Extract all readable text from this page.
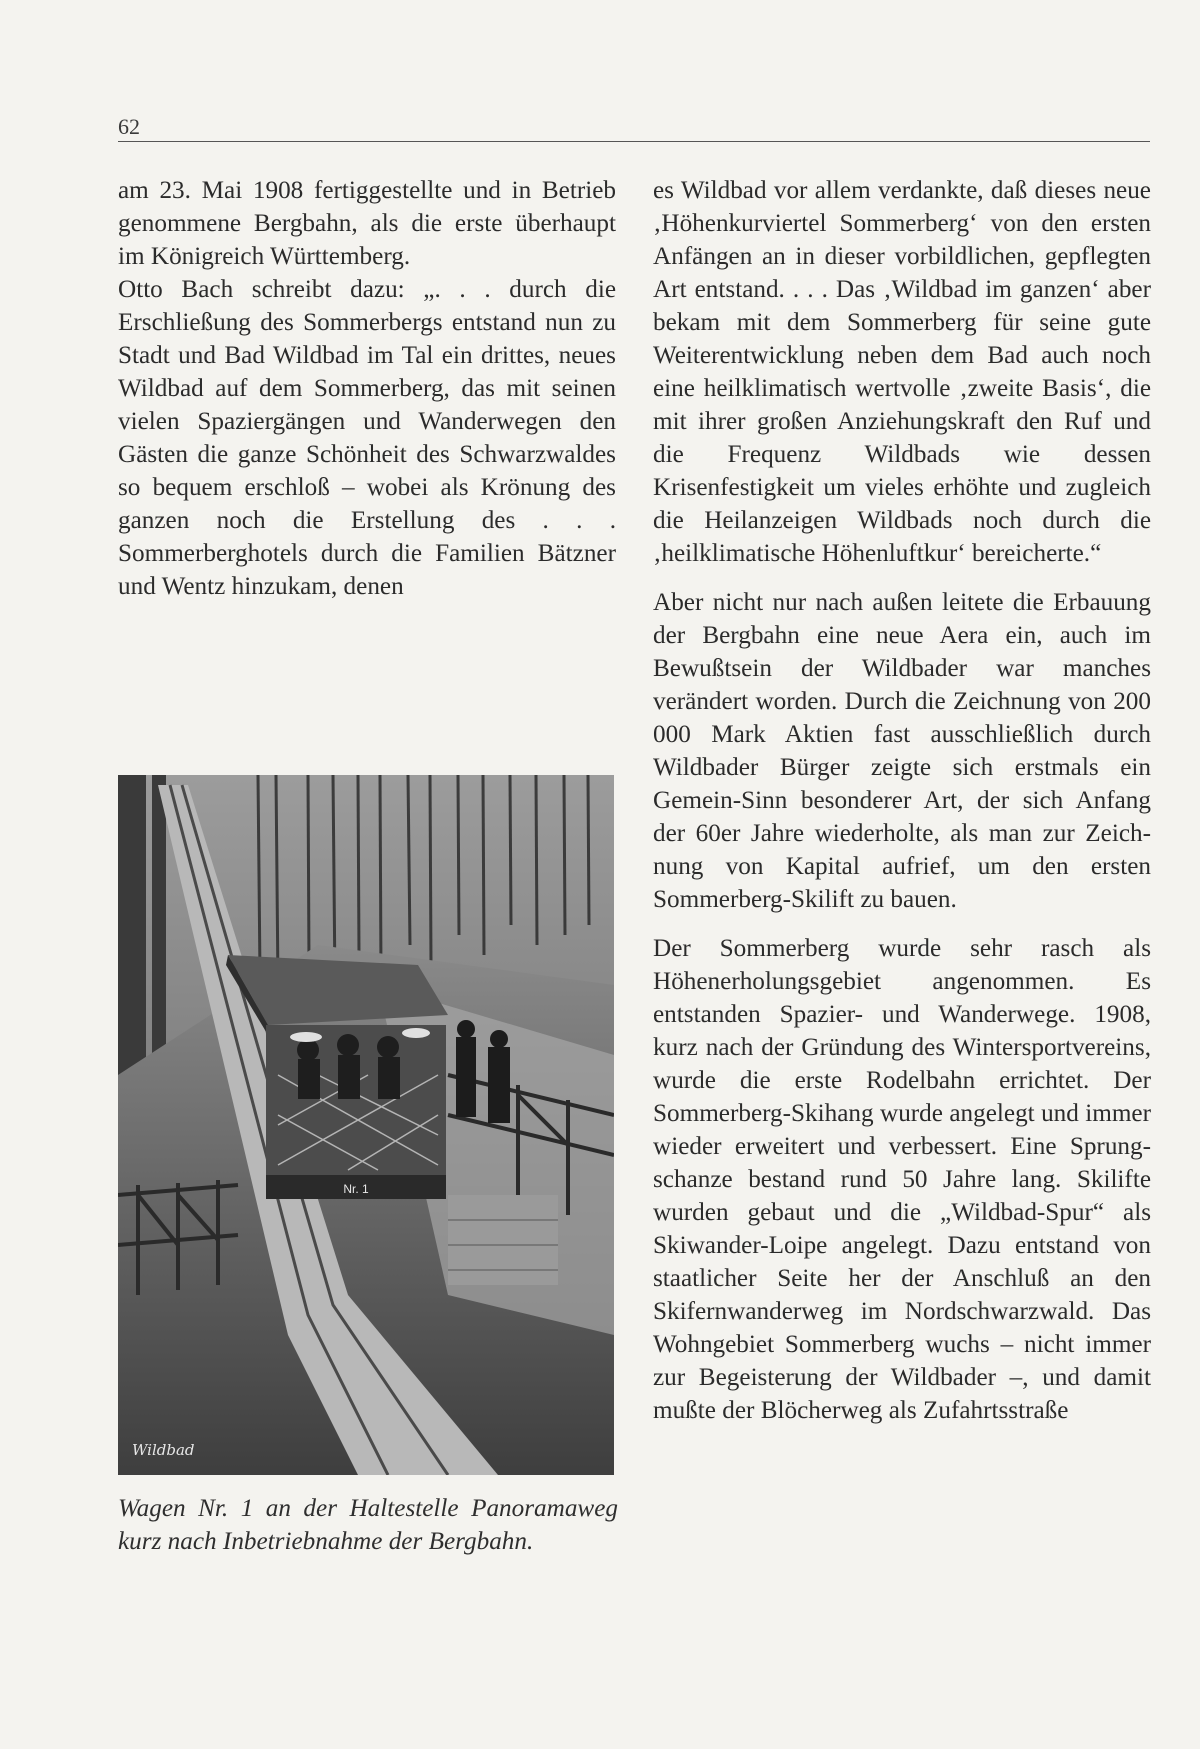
62

am 23. Mai 1908 fertiggestellte und in Betrieb genommene Bergbahn, als die erste überhaupt im Königreich Württemberg.

Otto Bach schreibt dazu: „. . . durch die Erschließung des Sommerbergs entstand nun zu Stadt und Bad Wildbad im Tal ein drittes, neues Wildbad auf dem Sommerberg, das mit seinen vielen Spaziergängen und Wanderwegen den Gästen die ganze Schönheit des Schwarzwaldes so bequem erschloß – wobei als Krönung des ganzen noch die Erstellung des . . . Sommerberghotels durch die Familien Bätzner und Wentz hinzukam, denen

Nr. 1
Wildbad
Wagen Nr. 1 an der Haltestelle Panoramaweg kurz nach Inbetriebnahme der Bergbahn.

es Wildbad vor allem verdankte, daß dieses neue ‚Höhenkurviertel Sommerberg‘ von den ersten Anfängen an in dieser vorbildlichen, gepflegten Art entstand. . . . Das ‚Wildbad im ganzen‘ aber bekam mit dem Sommerberg für seine gute Weiterentwicklung neben dem Bad auch noch eine heilklimatisch wertvolle ‚zweite Basis‘, die mit ihrer großen Anziehungskraft den Ruf und die Frequenz Wildbads wie dessen Krisenfestigkeit um vieles erhöhte und zugleich die Heilanzeigen Wildbads noch durch die ‚heilklimatische Höhenluftkur‘ bereicherte.“

Aber nicht nur nach außen leitete die Erbauung der Bergbahn eine neue Aera ein, auch im Bewußtsein der Wildbader war manches verändert worden. Durch die Zeichnung von 200 000 Mark Aktien fast ausschließlich durch Wildbader Bürger zeigte sich erstmals ein Gemein-Sinn besonderer Art, der sich Anfang der 60er Jahre wiederholte, als man zur Zeichnung von Kapital aufrief, um den ersten Sommerberg-Skilift zu bauen.

Der Sommerberg wurde sehr rasch als Höhenerholungsgebiet angenommen. Es entstanden Spazier- und Wanderwege. 1908, kurz nach der Gründung des Wintersportvereins, wurde die erste Rodelbahn errichtet. Der Sommerberg-Skihang wurde angelegt und immer wieder erweitert und verbessert. Eine Sprungschanze bestand rund 50 Jahre lang. Skilifte wurden gebaut und die „Wildbad-Spur“ als Skiwander-Loipe angelegt. Dazu entstand von staatlicher Seite her der Anschluß an den Skifernwanderweg im Nordschwarzwald. Das Wohngebiet Sommerberg wuchs – nicht immer zur Begeisterung der Wildbader –, und damit mußte der Blöcherweg als Zufahrtsstraße
